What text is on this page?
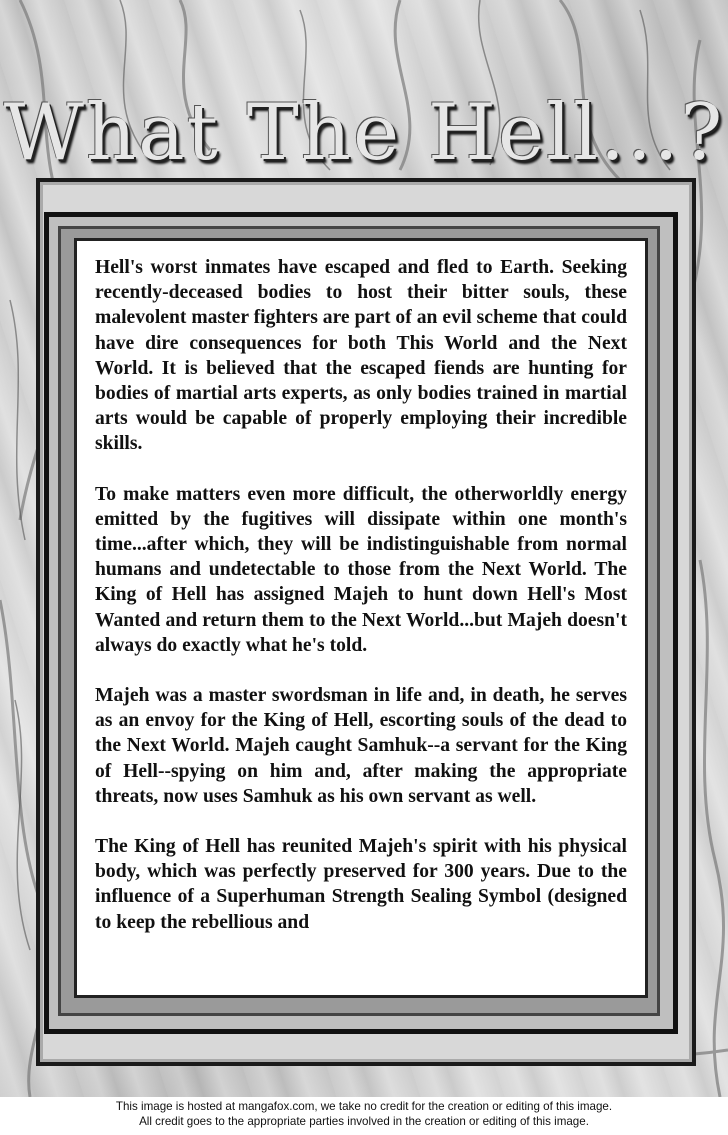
What The Hell...?

Hell's worst inmates have escaped and fled to Earth. Seeking recently-deceased bodies to host their bitter souls, these malevolent master fighters are part of an evil scheme that could have dire consequences for both This World and the Next World. It is believed that the escaped fiends are hunting for bodies of martial arts experts, as only bodies trained in martial arts would be capable of properly employing their incredible skills.

To make matters even more difficult, the otherworldly energy emitted by the fugitives will dissipate within one month's time...after which, they will be indistinguishable from normal humans and undetectable to those from the Next World. The King of Hell has assigned Majeh to hunt down Hell's Most Wanted and return them to the Next World...but Majeh doesn't always do exactly what he's told.

Majeh was a master swordsman in life and, in death, he serves as an envoy for the King of Hell, escorting souls of the dead to the Next World. Majeh caught Samhuk--a servant for the King of Hell--spying on him and, after making the appropriate threats, now uses Samhuk as his own servant as well.

The King of Hell has reunited Majeh's spirit with his physical body, which was perfectly preserved for 300 years. Due to the influence of a Superhuman Strength Sealing Symbol (designed to keep the rebellious and

This image is hosted at mangafox.com, we take no credit for the creation or editing of this image.
All credit goes to the appropriate parties involved in the creation or editing of this image.
